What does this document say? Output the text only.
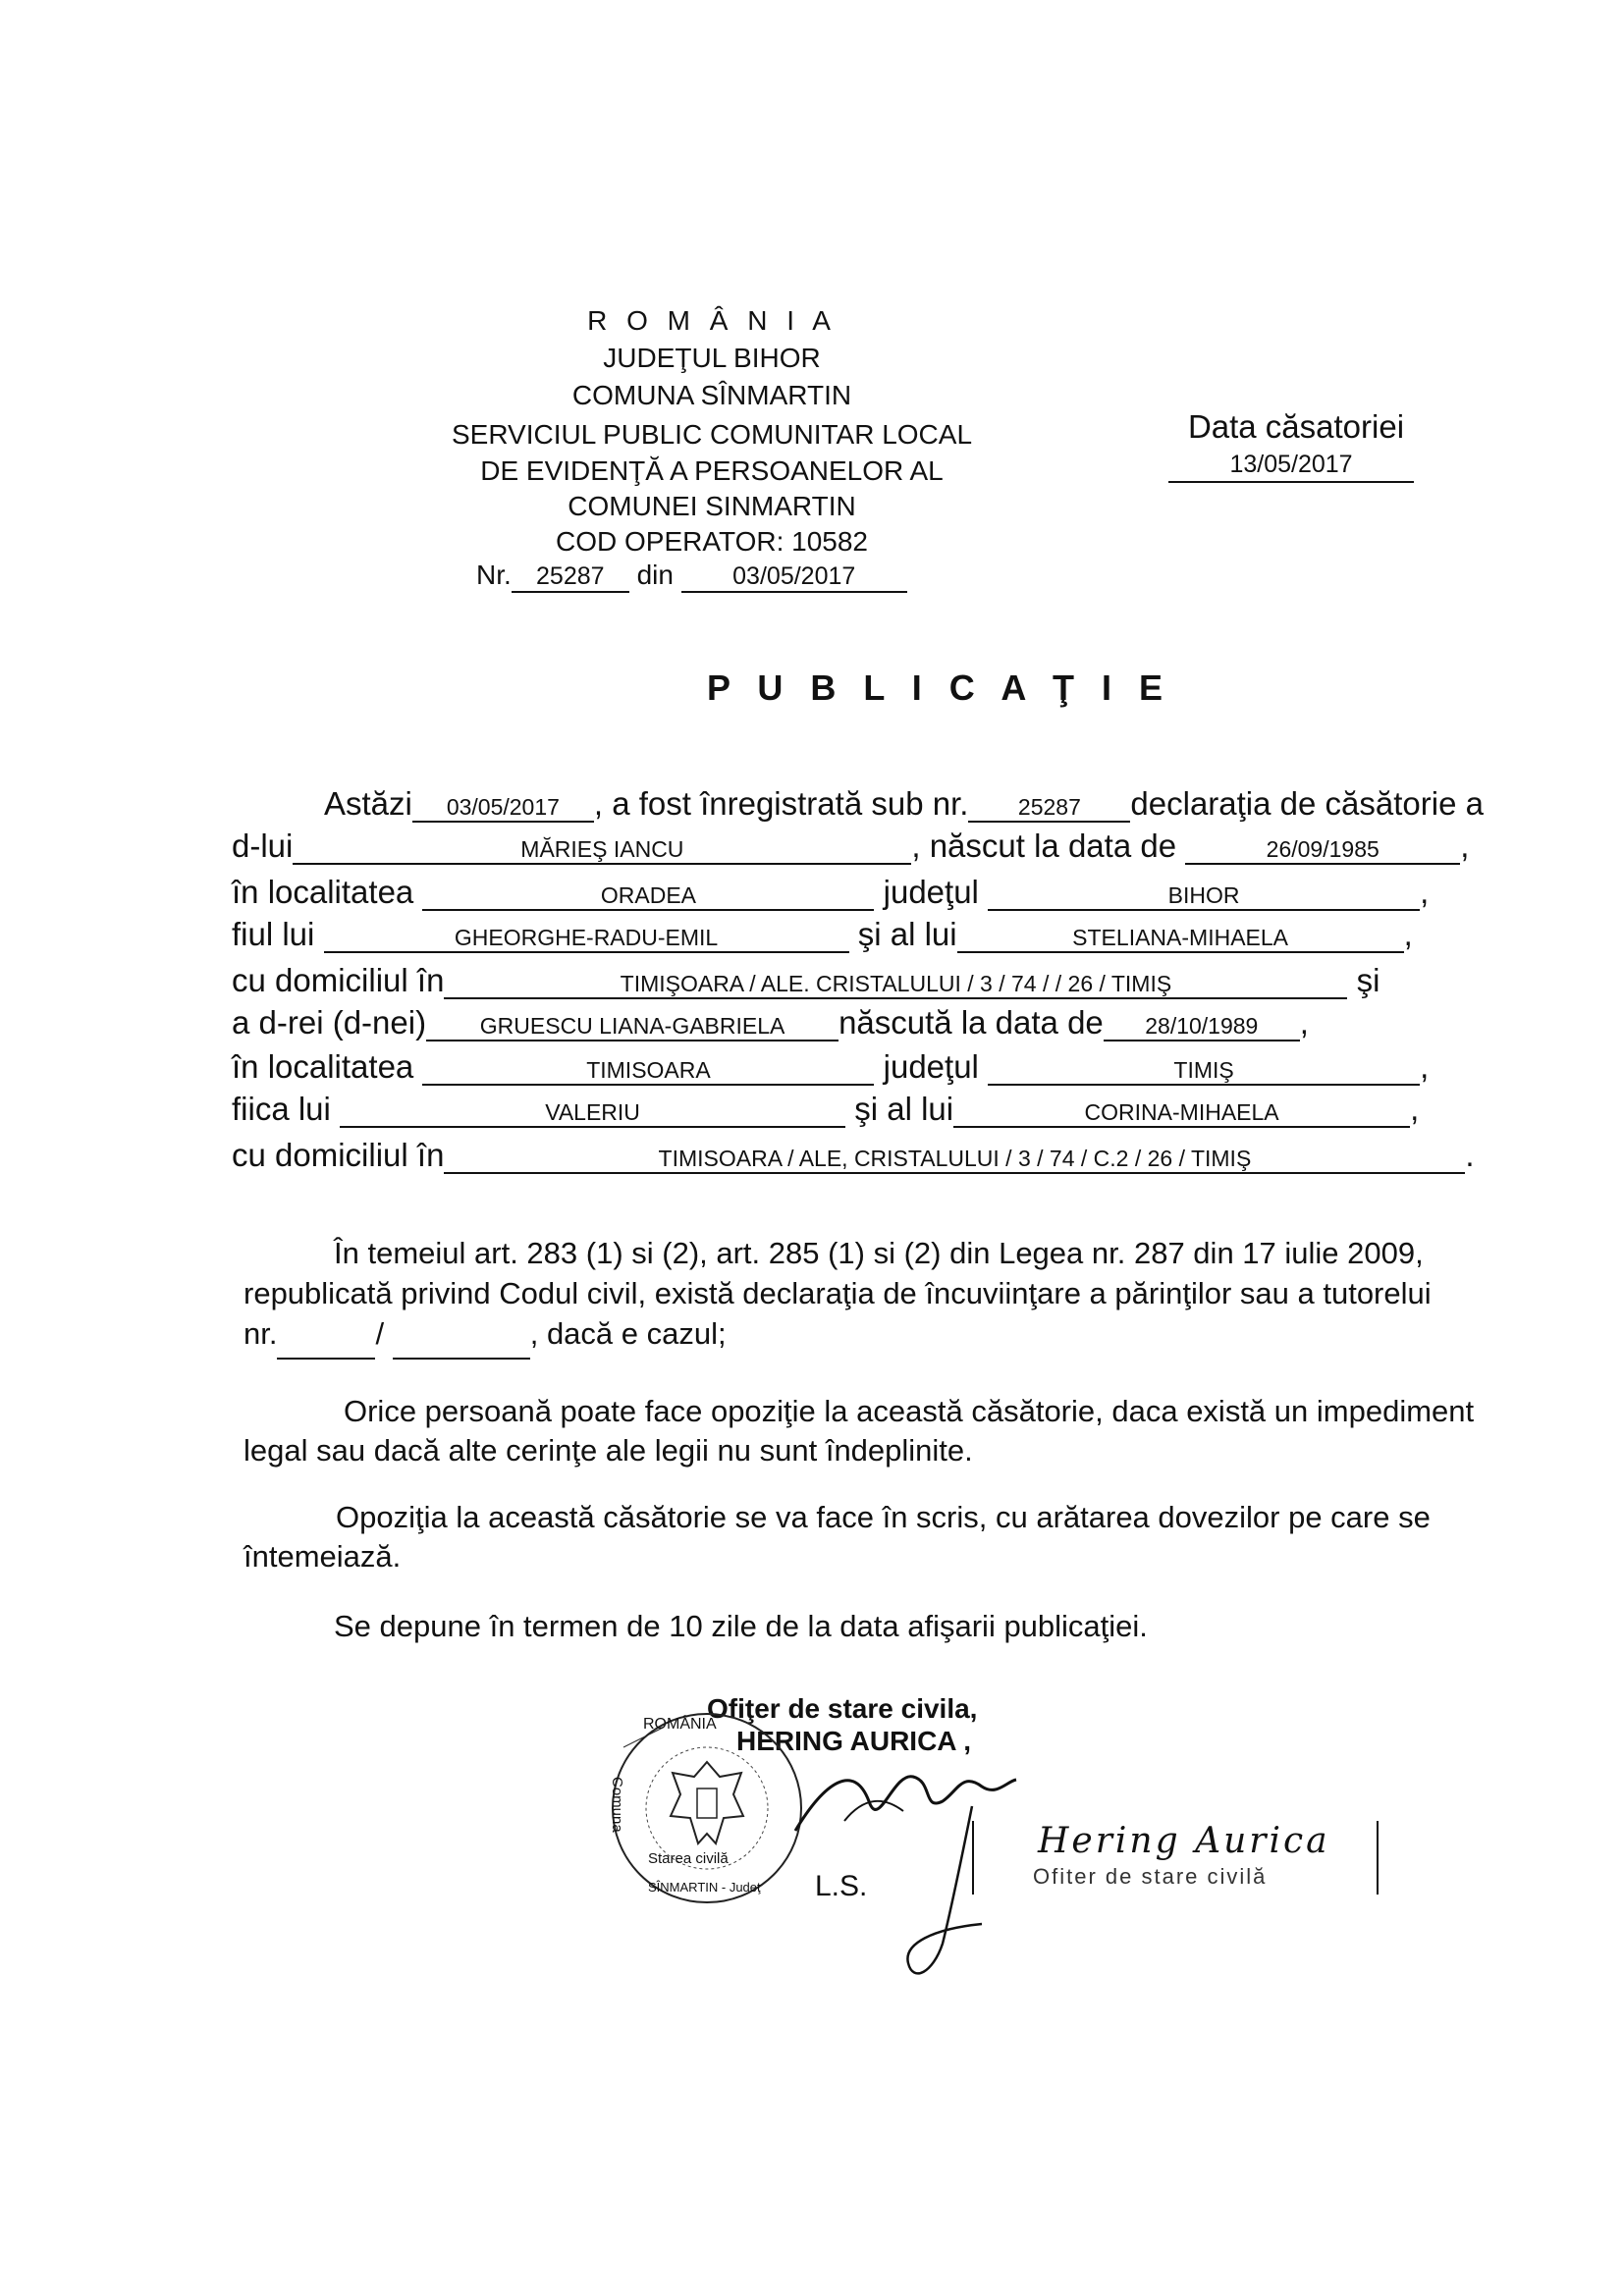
R O M Â N I A
JUDEŢUL BIHOR
COMUNA SÎNMARTIN
SERVICIUL PUBLIC COMUNITAR LOCAL
DE EVIDENŢĂ A PERSOANELOR AL
COMUNEI SINMARTIN
COD OPERATOR: 10582
Nr. 25287 din 03/05/2017
Data căsatoriei
13/05/2017
P U B L I C A Ţ I E
Astăzi 03/05/2017 , a fost înregistrată sub nr. 25287 declaraţia de căsătorie a
d-lui	MĂRIEŞ IANCU	, născut la data de	26/09/1985 ,
în localitatea	ORADEA	judeţul	BIHOR	,
fiul lui	GHEORGHE-RADU-EMIL	şi al lui	STELIANA-MIHAELA	,
cu domiciliul în	TIMIŞOARA / ALE. CRISTALULUI / 3 / 74 / / 26 / TIMIŞ	şi
a d-rei (d-nei) GRUESCU LIANA-GABRIELA născută la data de 28/10/1989 ,
în localitatea	TIMISOARA	judeţul	TIMIŞ	,
fiica lui	VALERIU	şi al lui	CORINA-MIHAELA	,
cu domiciliul în	TIMISOARA / ALE, CRISTALULUI / 3 / 74 / C.2 / 26 / TIMIŞ	.
În temeiul art. 283 (1) si (2), art. 285 (1) si (2) din Legea nr. 287 din 17 iulie 2009,
republicată privind Codul civil, există declaraţia de încuviinţare a părinţilor sau a tutorelui
nr.	/	, dacă e cazul;
Orice persoană poate face opoziţie la această căsătorie, daca există un impediment
legal sau dacă alte cerinţe ale legii nu sunt îndeplinite.
Opoziţia la această căsătorie se va face în scris, cu arătarea dovezilor pe care se
întemeiază.
Se depune în termen de 10 zile de la data afişarii publicaţiei.
Ofiţer de stare civila,
HERING AURICA ,
ROMÂNIA
Comuna
Starea civilă
SÎNMARTIN - Judeţ L.S.
Hering Aurica
Ofiter de stare civilă
